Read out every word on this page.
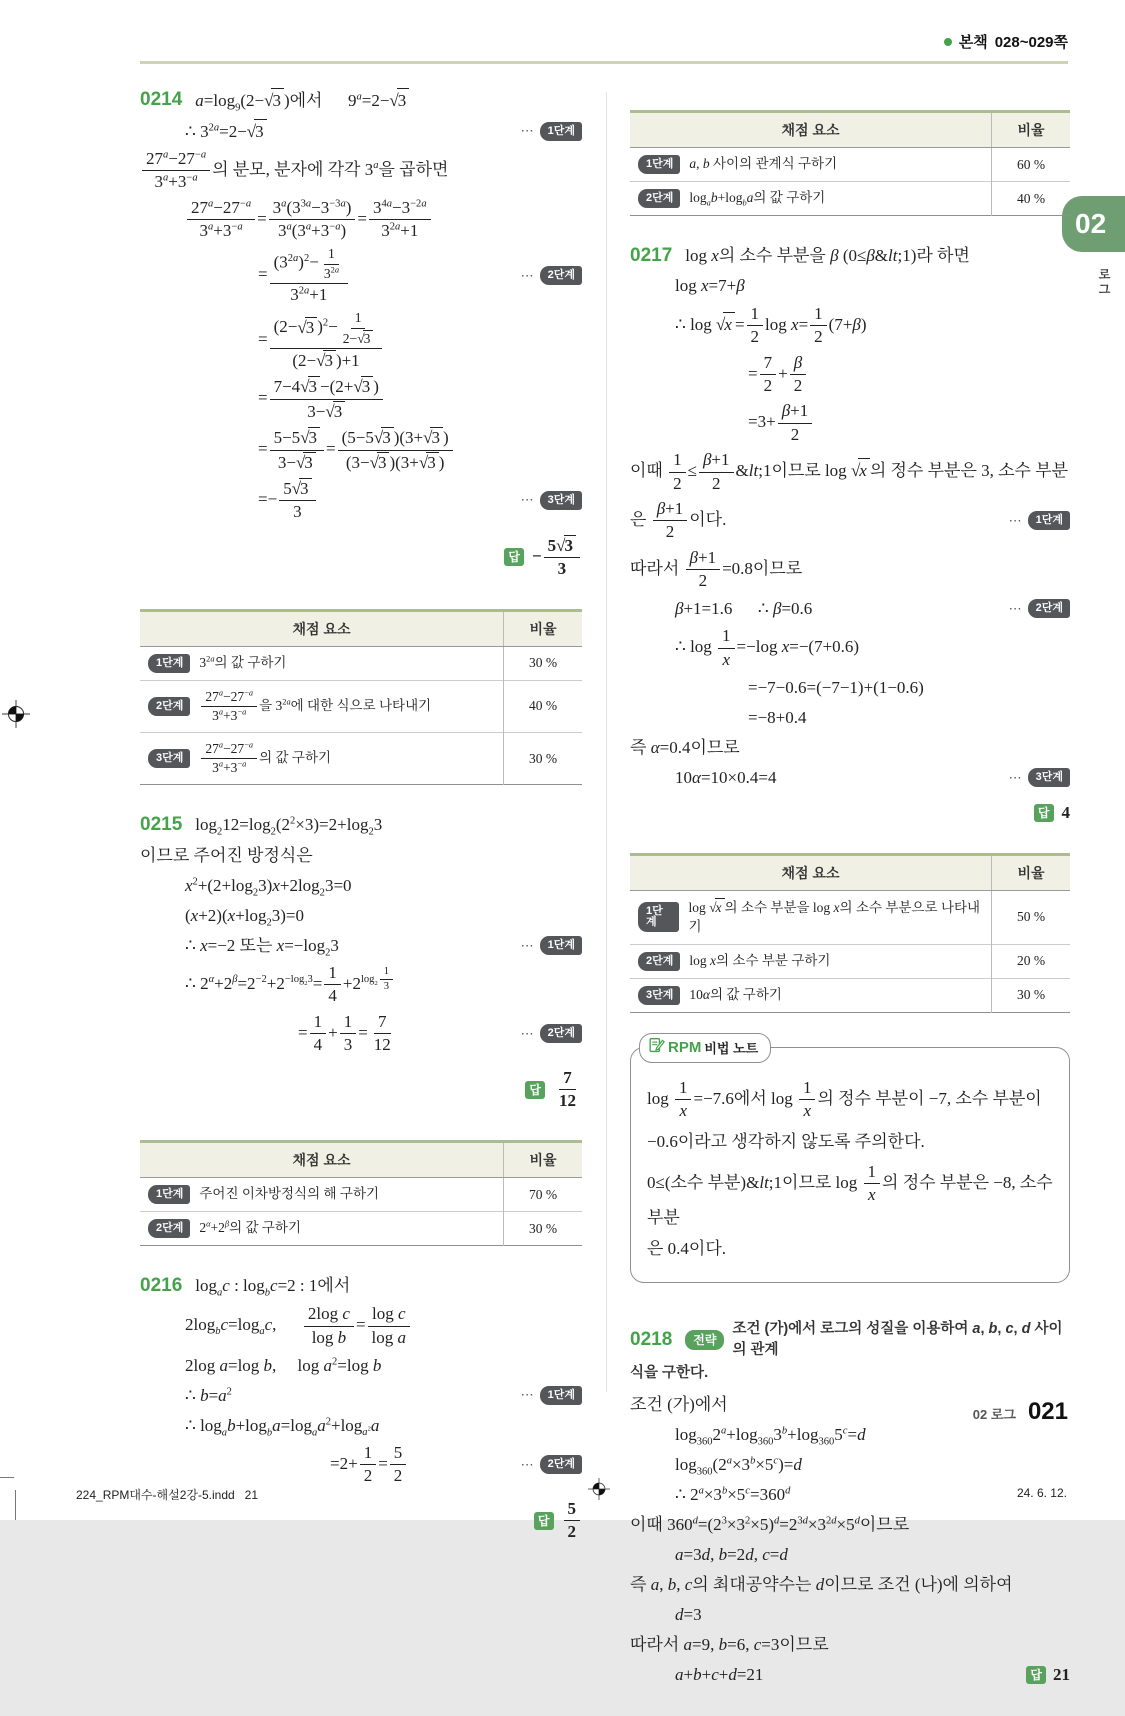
본책 028~029쪽
02
로그
0214 $a=\log_9(2-√3$ )에서      $9^a=2-√3$
∴ $3^{2a}=2-√3$	⋯	1단계
$\frac{27^a-27^{-a}}{3^a+3^{-a}}$ 의 분모, 분자에 각각 3$^a$을 곱하면
$\frac{27^a-27^{-a}}{3^a+3^{-a}} = \frac{3^a(3^{3a}-3^{-3a})}{3^a(3^a+3^{-a})} = \frac{3^{4a}-3^{-2a}}{3^{2a}+1}$
= $\frac{(3^{2a})^2- \frac{1}{3^{2a}}}{3^{2a}+1}$	⋯	2단계
= $\frac{(2-√3 )^2- \frac{1}{2-√3}}{(2-√3 )+1}$
= $\frac{7-4√3 -(2+√3 )}{3-√3}$
= $\frac{5-5√3}{3-√3} = \frac{(5-5√3 )(3+√3 )}{(3-√3 )(3+√3 )}$
=− $\frac{5√3}{3}$	⋯	3단계
답 − $\frac{5√3}{3}$
채점 요소	비율

1단계 $3^{2a}$의 값 구하기	30 %

2단계 $\frac{27^a-27^{-a}}{3^a+3^{-a}}$ 을 $3^{2a}$에 대한 식으로 나타내기	40 %

3단계 $\frac{27^a-27^{-a}}{3^a+3^{-a}}$ 의 값 구하기	30 %
0215 $\log_212=\log_2(2^2\times 3)=2+\log_23$
이므로 주어진 방정식은
$x^2+(2+\log_23)x+2\log_23=0$
$(x+2)(x+\log_23)=0$
∴ x=−2 또는 $x=-\log_23$	⋯	1단계
∴ $2^\alpha+2^\beta=2^{-2}+2^{-log_23}= \frac{1}{4} +2^{log_2 \frac{1}{3}}$
= $\frac{1}{4} + \frac{1}{3} = \frac{7}{12}$	⋯	2단계
답 $\frac{7}{12}$
채점 요소	비율

1단계 주어진 이차방정식의 해 구하기	70 %

2단계 $2^\alpha+2^\beta$의 값 구하기	30 %
0216 $\log_ac$ : $\log_bc=2$ : 1에서
$2\log_bc=\log_ac$, $\frac{\text{2log c}}{\text{log b}} = \frac{\text{log c}}{\text{log a}}$
2log a=log b,     $\log a^2=\log$ b
∴ $b=a^2$	⋯	1단계
∴ $\log_ab+\log_ba=\log_aa^2+\log_{a^2}a$
$=2+ \frac{1}{2} = \frac{5}{2}$	⋯	2단계
답 $\frac{5}{2}$
채점 요소	비율

1단계 a, b 사이의 관계식 구하기	60 %

2단계 $\log_ab+\log_ba$의 값 구하기	40 %
0217 log x의 소수 부분을 β (0≤β&lt;1)라 하면
log x=7+β
∴ $\log √x = \frac{1}{2}$ $\log x= \frac{1}{2} (7+\beta)$
= $\frac{7}{2} + \frac{\beta}{2}$
$=3+ \frac{\beta+1}{2}$
이때 $\frac{1}{2} \le \frac{\beta+1}{2}$ &lt;1이므로 log √x 의 정수 부분은 3, 소수 부분
은 $\frac{\beta+1}{2}$ 이다.	⋯	1단계
따라서 $\frac{\beta+1}{2} =0.8$이므로
β+1=1.6      ∴ β=0.6	⋯	2단계
∴ $\log \frac{1}{x} =-\log$ x=−(7+0.6)
=−7−0.6=(−7−1)+(1−0.6)
=−8+0.4
즉 α=0.4이므로
10α=10×0.4=4	⋯	3단계
답 4
채점 요소	비율

1단계
log √x 의 소수 부분을 log x의 소수 부분으로 나타내기	50 %

2단계 log x의 소수 부분 구하기	20 %

3단계 10α의 값 구하기	30 %
RPM 비법 노트
$\log \frac{1}{x} =-7.6$에서 $\log \frac{1}{x}$ 의 정수 부분이 −7, 소수 부분이
−0.6이라고 생각하지 않도록 주의한다.
0≤(소수 부분)&lt;1이므로 $\log \frac{1}{x}$ 의 정수 부분은 −8, 소수 부분
은 0.4이다.
0218	전략
조건 (가)에서 로그의 성질을 이용하여 a, b, c, d 사이의 관계
식을 구한다.
조건 (가)에서
$\log_{360}2^a+\log_{360}3^b+\log_{360}5^c=d$
$\log_{360}(2^a\times 3^b\times 5^c)=d$
∴ $2^a\times 3^b\times 5^c=360^d$
이때 $360^d=(2^3\times 3^2\times 5)^d=2^{3d}\times 3^{2d}\times 5^d$이므로
a=3d, b=2d, c=d
즉 a, b, c의 최대공약수는 d이므로 조건 (나)에 의하여
d=3
따라서 a=9, b=6, c=3이므로
a+b+c+d=21	답 21
02 로그 021
224_RPM대수-해설2강-5.indd   21	24. 6. 12.
